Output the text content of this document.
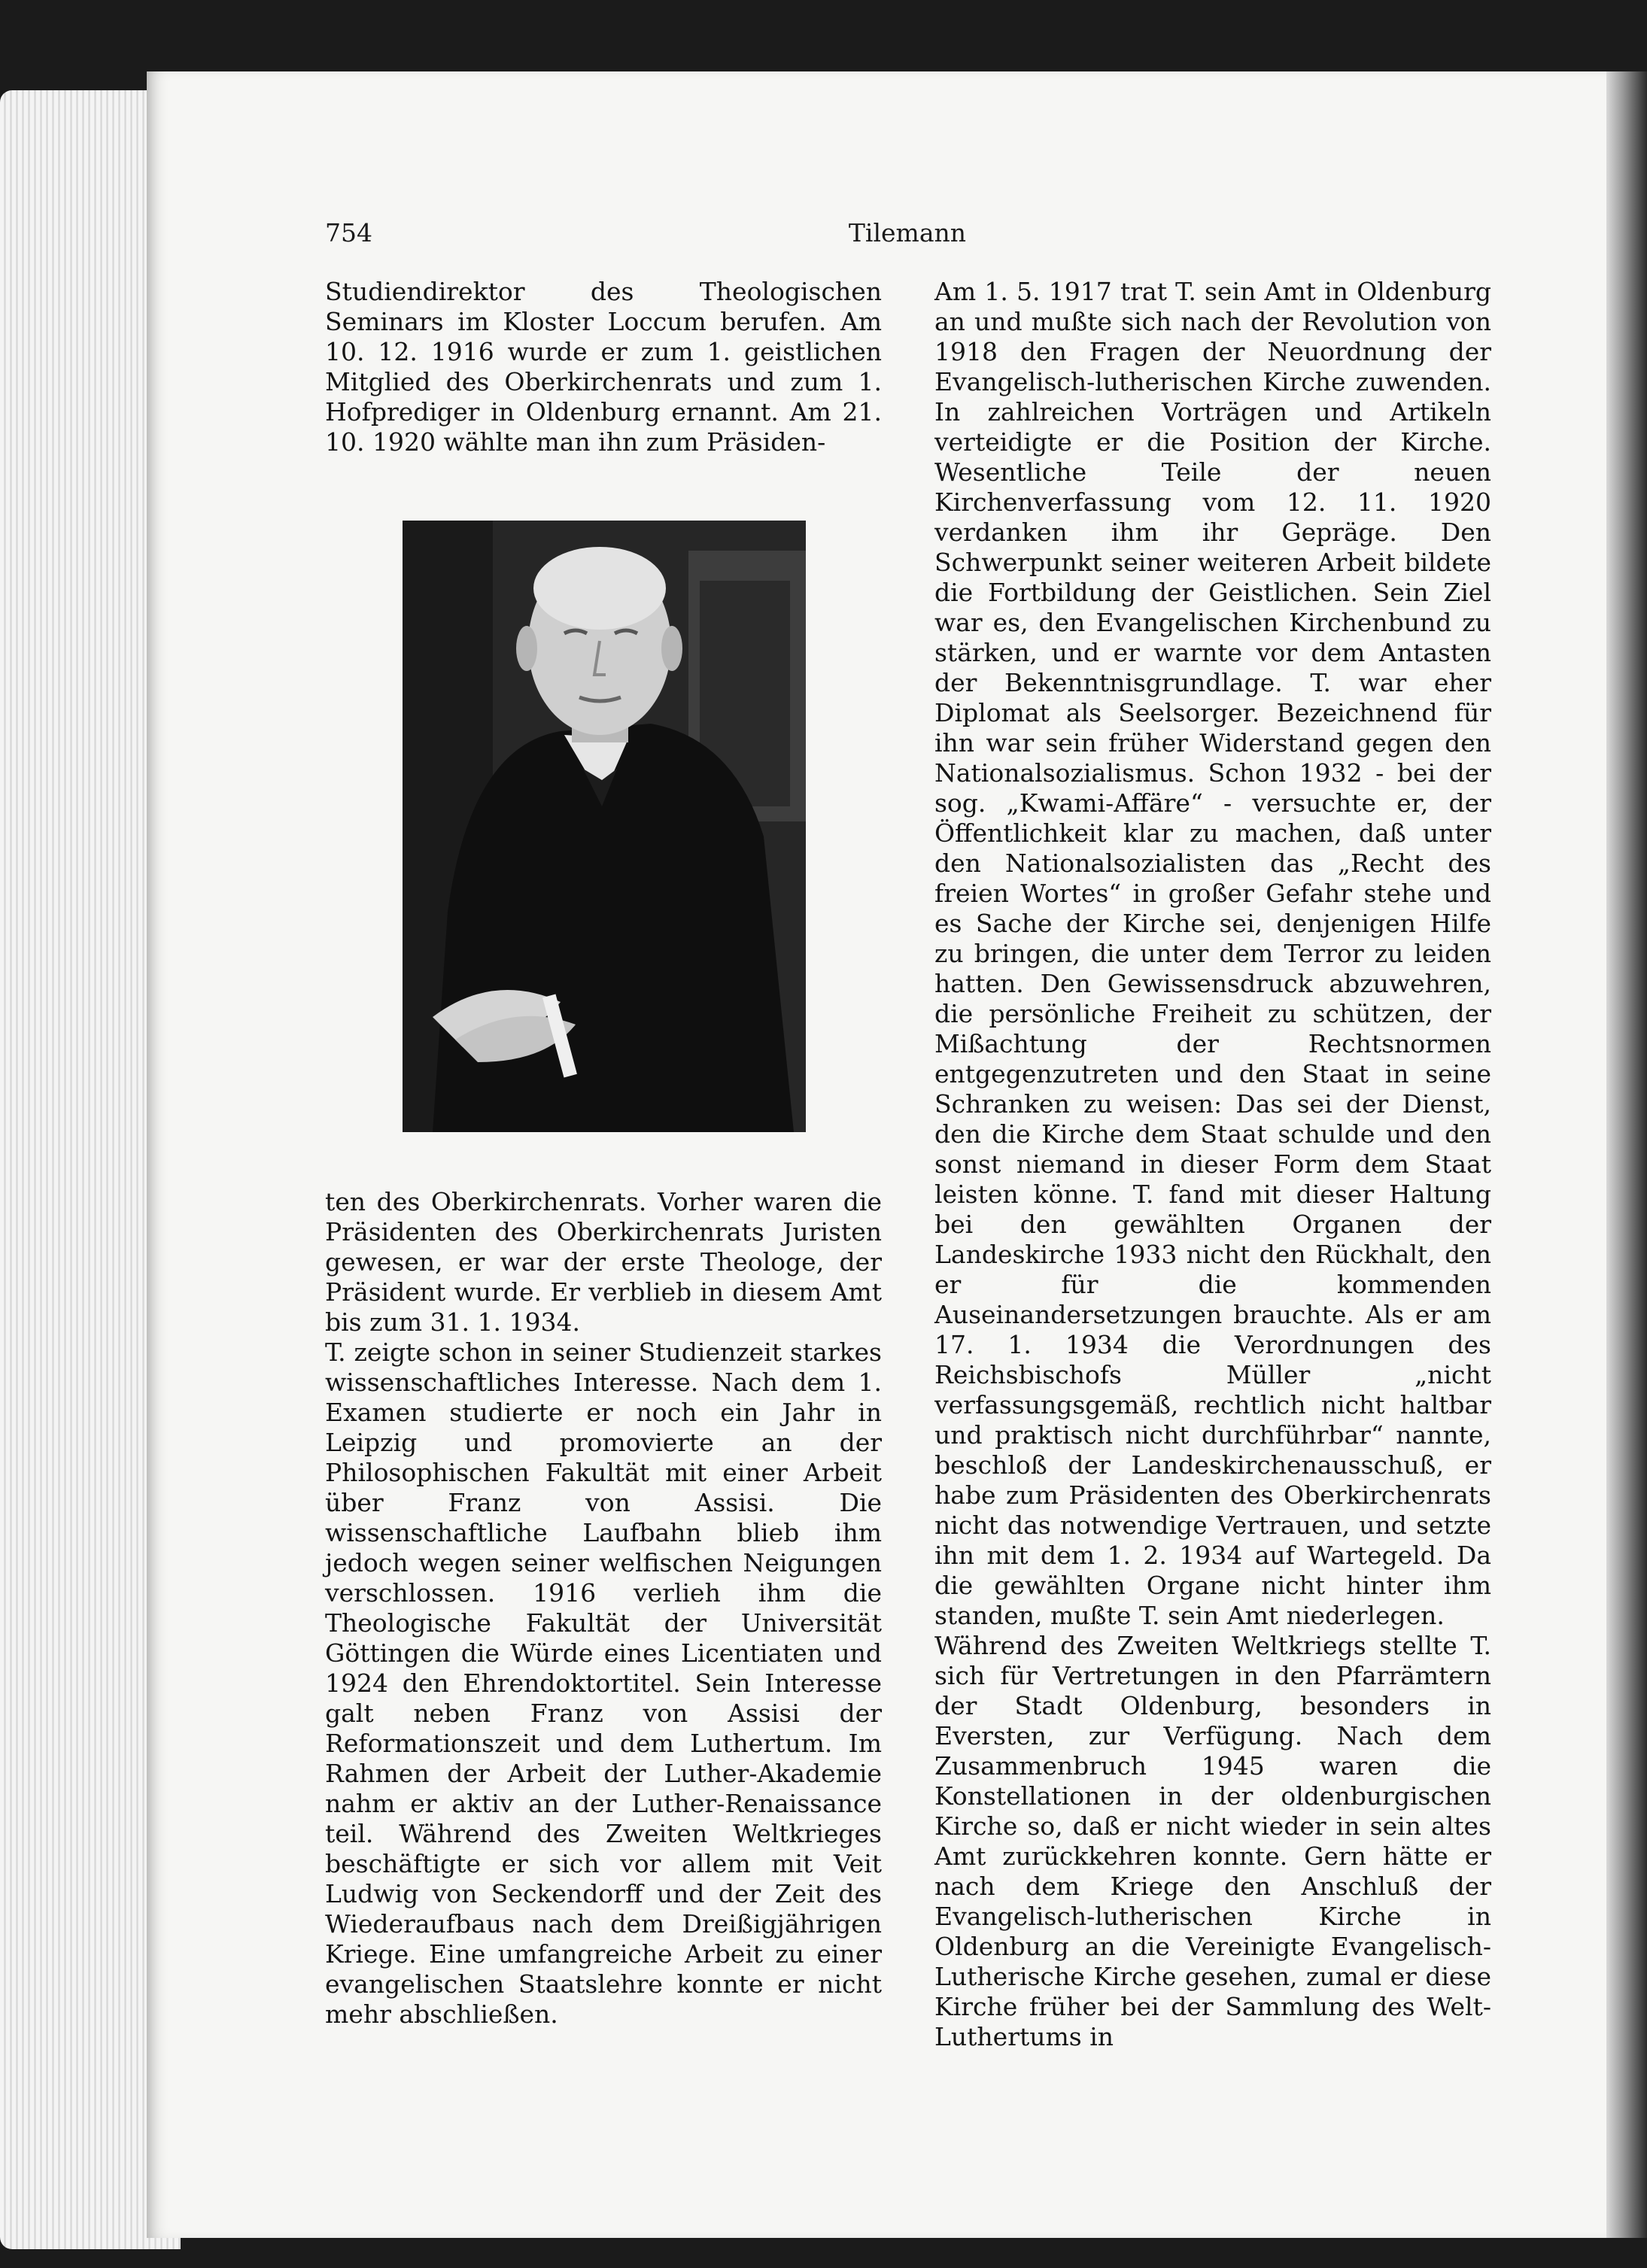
754	Tilemann

Studiendirektor des Theologischen Seminars im Kloster Loccum berufen. Am 10. 12. 1916 wurde er zum 1. geistlichen Mitglied des Oberkirchenrats und zum 1. Hofprediger in Oldenburg ernannt. Am 21. 10. 1920 wählte man ihn zum Präsiden-

ten des Oberkirchenrats. Vorher waren die Präsidenten des Oberkirchenrats Juristen gewesen, er war der erste Theologe, der Präsident wurde. Er verblieb in diesem Amt bis zum 31. 1. 1934.

T. zeigte schon in seiner Studienzeit starkes wissenschaftliches Interesse. Nach dem 1. Examen studierte er noch ein Jahr in Leipzig und promovierte an der Philosophischen Fakultät mit einer Arbeit über Franz von Assisi. Die wissenschaftliche Laufbahn blieb ihm jedoch wegen seiner welfischen Neigungen verschlossen. 1916 verlieh ihm die Theologische Fakultät der Universität Göttingen die Würde eines Licentiaten und 1924 den Ehrendoktortitel. Sein Interesse galt neben Franz von Assisi der Reformationszeit und dem Luthertum. Im Rahmen der Arbeit der Luther-Akademie nahm er aktiv an der Luther-Renaissance teil. Während des Zweiten Weltkrieges beschäftigte er sich vor allem mit Veit Ludwig von Seckendorff und der Zeit des Wiederaufbaus nach dem Dreißigjährigen Kriege. Eine umfangreiche Arbeit zu einer evangelischen Staatslehre konnte er nicht mehr abschließen.

Am 1. 5. 1917 trat T. sein Amt in Oldenburg an und mußte sich nach der Revolution von 1918 den Fragen der Neuordnung der Evangelisch-lutherischen Kirche zuwenden. In zahlreichen Vorträgen und Artikeln verteidigte er die Position der Kirche. Wesentliche Teile der neuen Kirchenverfassung vom 12. 11. 1920 verdanken ihm ihr Gepräge. Den Schwerpunkt seiner weiteren Arbeit bildete die Fortbildung der Geistlichen. Sein Ziel war es, den Evangelischen Kirchenbund zu stärken, und er warnte vor dem Antasten der Bekenntnisgrundlage. T. war eher Diplomat als Seelsorger. Bezeichnend für ihn war sein früher Widerstand gegen den Nationalsozialismus. Schon 1932 - bei der sog. „Kwami-Affäre“ - versuchte er, der Öffentlichkeit klar zu machen, daß unter den Nationalsozialisten das „Recht des freien Wortes“ in großer Gefahr stehe und es Sache der Kirche sei, denjenigen Hilfe zu bringen, die unter dem Terror zu leiden hatten. Den Gewissensdruck abzuwehren, die persönliche Freiheit zu schützen, der Mißachtung der Rechtsnormen entgegenzutreten und den Staat in seine Schranken zu weisen: Das sei der Dienst, den die Kirche dem Staat schulde und den sonst niemand in dieser Form dem Staat leisten könne. T. fand mit dieser Haltung bei den gewählten Organen der Landeskirche 1933 nicht den Rückhalt, den er für die kommenden Auseinandersetzungen brauchte. Als er am 17. 1. 1934 die Verordnungen des Reichsbischofs Müller „nicht verfassungsgemäß, rechtlich nicht haltbar und praktisch nicht durchführbar“ nannte, beschloß der Landeskirchenausschuß, er habe zum Präsidenten des Oberkirchenrats nicht das notwendige Vertrauen, und setzte ihn mit dem 1. 2. 1934 auf Wartegeld. Da die gewählten Organe nicht hinter ihm standen, mußte T. sein Amt niederlegen.

Während des Zweiten Weltkriegs stellte T. sich für Vertretungen in den Pfarrämtern der Stadt Oldenburg, besonders in Eversten, zur Verfügung. Nach dem Zusammenbruch 1945 waren die Konstellationen in der oldenburgischen Kirche so, daß er nicht wieder in sein altes Amt zurückkehren konnte. Gern hätte er nach dem Kriege den Anschluß der Evangelisch-lutherischen Kirche in Oldenburg an die Vereinigte Evangelisch-Lutherische Kirche gesehen, zumal er diese Kirche früher bei der Sammlung des Welt-Luthertums in
